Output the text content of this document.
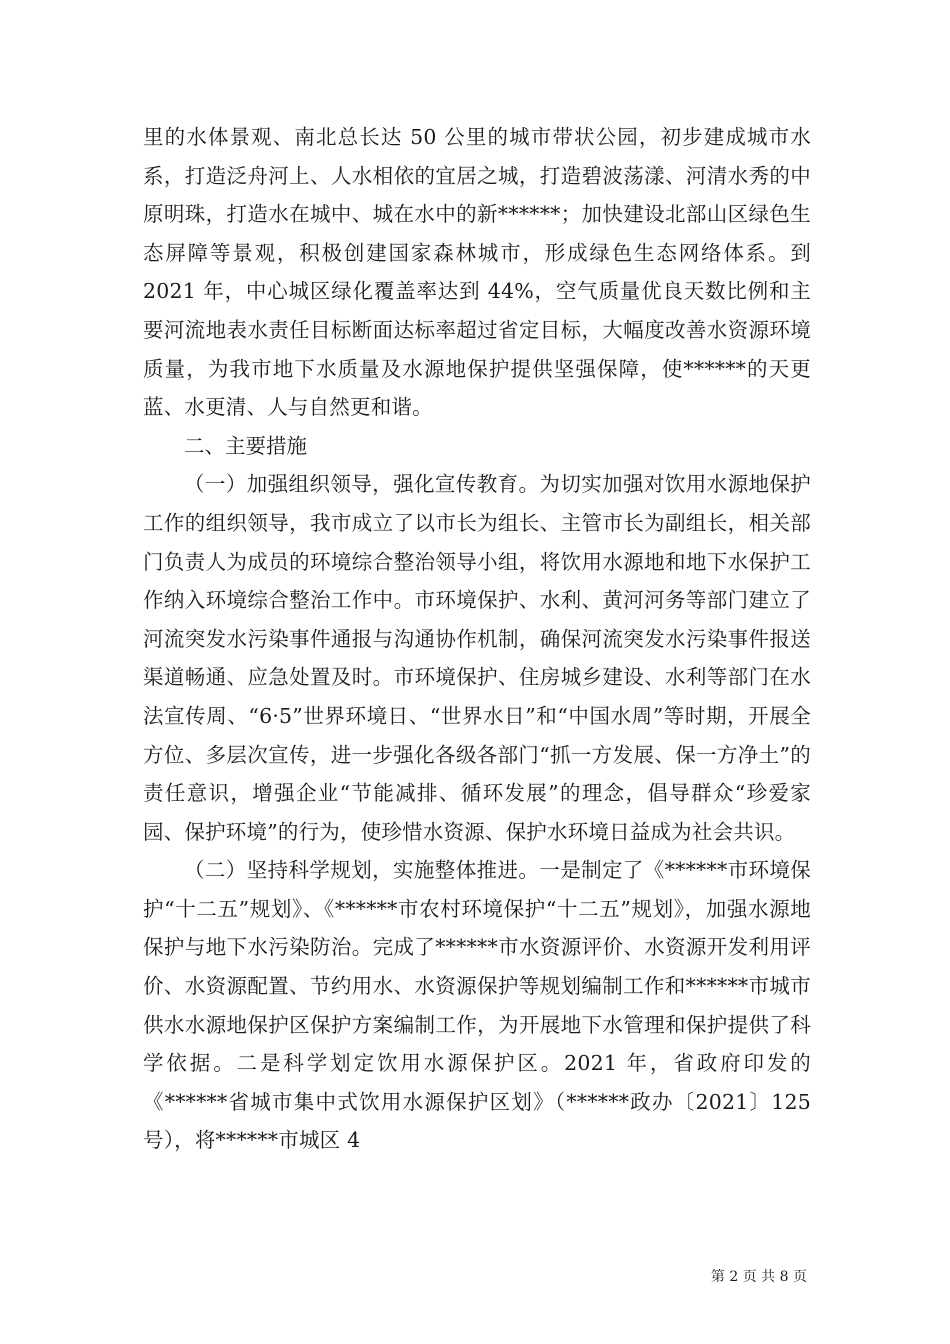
里的水体景观、南北总长达 50 公里的城市带状公园，初步建成城市水系，打造泛舟河上、人水相依的宜居之城，打造碧波荡漾、河清水秀的中原明珠，打造水在城中、城在水中的新******；加快建设北部山区绿色生态屏障等景观，积极创建国家森林城市，形成绿色生态网络体系。到 2021 年，中心城区绿化覆盖率达到 44%，空气质量优良天数比例和主要河流地表水责任目标断面达标率超过省定目标，大幅度改善水资源环境质量，为我市地下水质量及水源地保护提供坚强保障，使******的天更蓝、水更清、人与自然更和谐。

二、主要措施

（一）加强组织领导，强化宣传教育。为切实加强对饮用水源地保护工作的组织领导，我市成立了以市长为组长、主管市长为副组长，相关部门负责人为成员的环境综合整治领导小组，将饮用水源地和地下水保护工作纳入环境综合整治工作中。市环境保护、水利、黄河河务等部门建立了河流突发水污染事件通报与沟通协作机制，确保河流突发水污染事件报送渠道畅通、应急处置及时。市环境保护、住房城乡建设、水利等部门在水法宣传周、“6·5”世界环境日、“世界水日”和“中国水周”等时期，开展全方位、多层次宣传，进一步强化各级各部门“抓一方发展、保一方净土”的责任意识，增强企业“节能减排、循环发展”的理念，倡导群众“珍爱家园、保护环境”的行为，使珍惜水资源、保护水环境日益成为社会共识。

（二）坚持科学规划，实施整体推进。一是制定了《******市环境保护“十二五”规划》、《******市农村环境保护“十二五”规划》，加强水源地保护与地下水污染防治。完成了******市水资源评价、水资源开发利用评价、水资源配置、节约用水、水资源保护等规划编制工作和******市城市供水水源地保护区保护方案编制工作，为开展地下水管理和保护提供了科学依据。二是科学划定饮用水源保护区。2021 年，省政府印发的《******省城市集中式饮用水源保护区划》（******政办〔2021〕125 号），将******市城区 4

第 2 页 共 8 页
